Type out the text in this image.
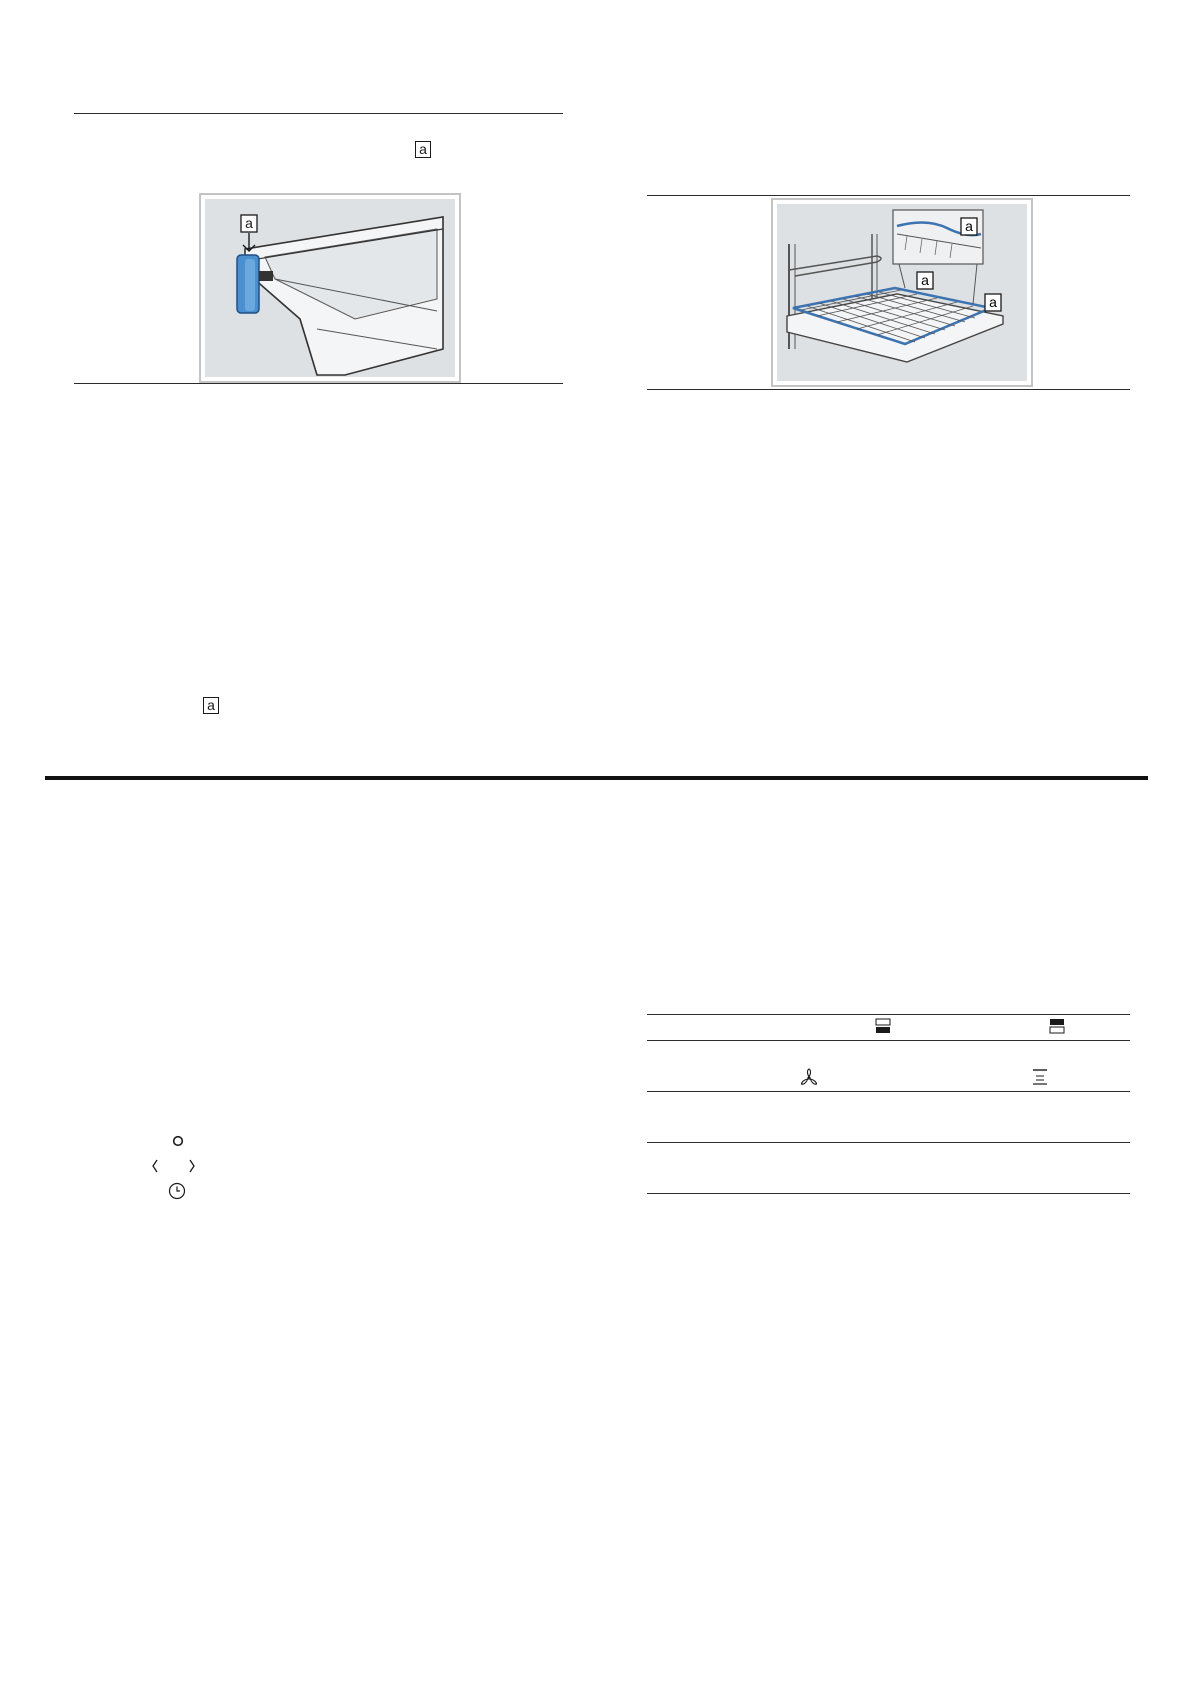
a
a	a
a
a
a
